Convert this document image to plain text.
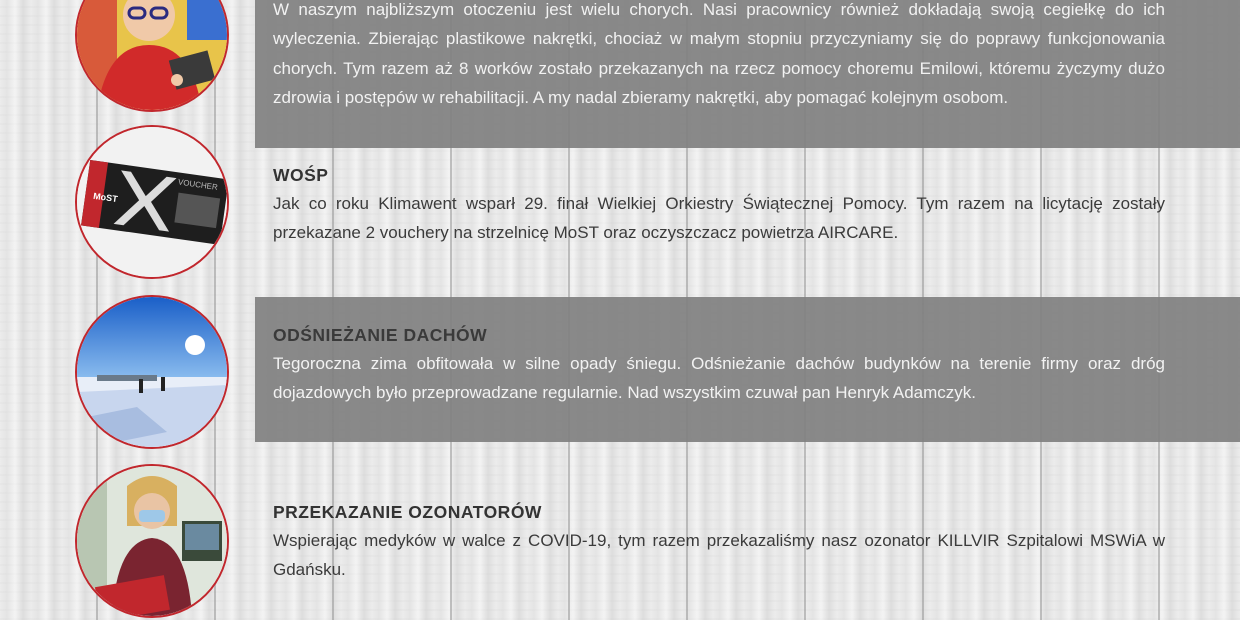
MoST
VOUCHER
W naszym najbliższym otoczeniu jest wielu chorych. Nasi pracownicy również dokładają swoją cegiełkę do ich wyleczenia. Zbierając plastikowe nakrętki, chociaż w małym stopniu przyczyniamy się do poprawy funkcjonowania chorych. Tym razem aż 8 worków zostało przekazanych na rzecz pomocy choremu Emilowi, któremu życzymy dużo zdrowia i postępów w rehabilitacji. A my nadal zbieramy nakrętki, aby pomagać kolejnym osobom.
WOŚP
Jak co roku Klimawent wsparł 29. finał Wielkiej Orkiestry Świątecznej Pomocy. Tym razem na licytację zostały przekazane 2 vouchery na strzelnicę MoST oraz oczyszczacz powietrza AIRCARE.
ODŚNIEŻANIE DACHÓW
Tegoroczna zima obfitowała w silne opady śniegu. Odśnieżanie dachów budynków na terenie firmy oraz dróg dojazdowych było przeprowadzane regularnie. Nad wszystkim czuwał pan Henryk Adamczyk.
PRZEKAZANIE OZONATORÓW
Wspierając medyków w walce z COVID-19, tym razem przekazaliśmy nasz ozonator KILLVIR Szpitalowi MSWiA w Gdańsku.
